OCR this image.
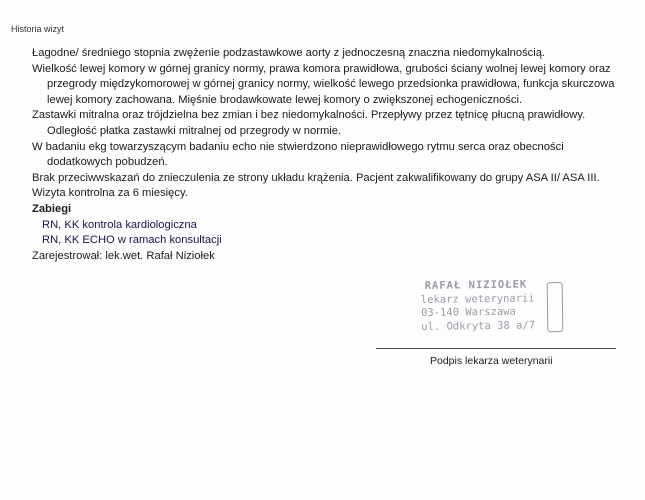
Historia wizyt

Łagodne/ średniego stopnia zwężenie podzastawkowe aorty z jednoczesną znaczna niedomykalnością.

Wielkość lewej komory w górnej granicy normy, prawa komora prawidłowa, grubości ściany wolnej lewej komory oraz przegrody międzykomorowej w górnej granicy normy, wielkość lewego przedsionka prawidłowa, funkcja skurczowa lewej komory zachowana. Mięśnie brodawkowate lewej komory o zwiększonej echogeniczności.

Zastawki mitralna oraz trójdzielna bez zmian i bez niedomykalności. Przepływy przez tętnicę płucną prawidłowy. Odległość płatka zastawki mitralnej od przegrody w normie.

W badaniu ekg towarzyszącym badaniu echo nie stwierdzono nieprawidłowego rytmu serca oraz obecności dodatkowych pobudzeń.

Brak przeciwwskazań do znieczulenia ze strony układu krążenia. Pacjent zakwalifikowany do grupy ASA II/ ASA III.

Wizyta kontrolna za 6 miesięcy.

Zabiegi

RN, KK kontrola kardiologiczna

RN, KK ECHO w ramach konsultacji

Zarejestrował: lek.wet. Rafał Niziołek

RAFAŁ NIZIOŁEK
lekarz weterynarii
03-140 Warszawa
ul. Odkryta 38 a/7
Podpis lekarza weterynarii
